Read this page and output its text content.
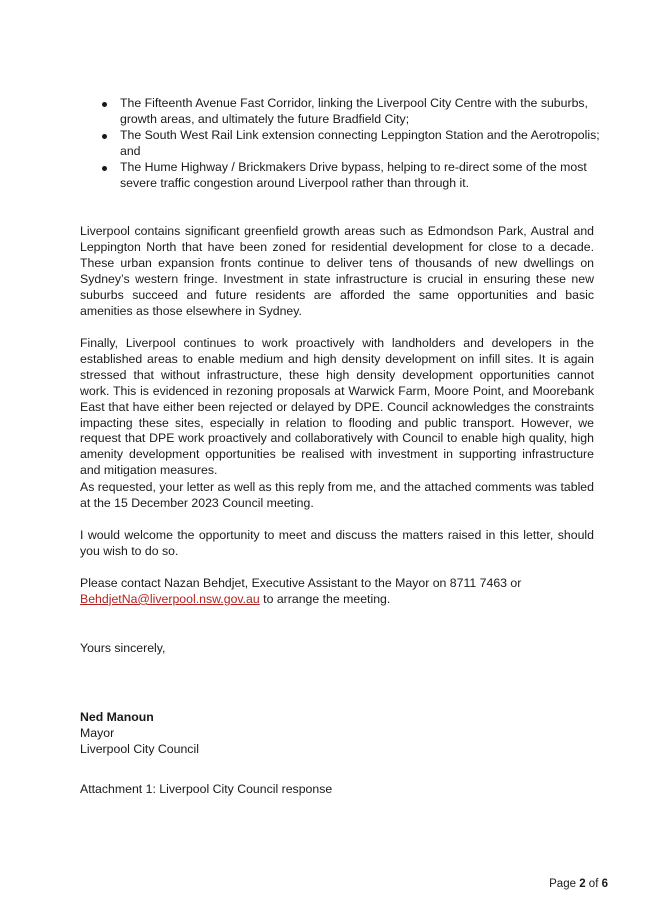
The Fifteenth Avenue Fast Corridor, linking the Liverpool City Centre with the suburbs, growth areas, and ultimately the future Bradfield City;
The South West Rail Link extension connecting Leppington Station and the Aerotropolis; and
The Hume Highway / Brickmakers Drive bypass, helping to re-direct some of the most severe traffic congestion around Liverpool rather than through it.

Liverpool contains significant greenfield growth areas such as Edmondson Park, Austral and Leppington North that have been zoned for residential development for close to a decade. These urban expansion fronts continue to deliver tens of thousands of new dwellings on Sydney’s western fringe. Investment in state infrastructure is crucial in ensuring these new suburbs succeed and future residents are afforded the same opportunities and basic amenities as those elsewhere in Sydney.

Finally, Liverpool continues to work proactively with landholders and developers in the established areas to enable medium and high density development on infill sites. It is again stressed that without infrastructure, these high density development opportunities cannot work. This is evidenced in rezoning proposals at Warwick Farm, Moore Point, and Moorebank East that have either been rejected or delayed by DPE. Council acknowledges the constraints impacting these sites, especially in relation to flooding and public transport. However, we request that DPE work proactively and collaboratively with Council to enable high quality, high amenity development opportunities be realised with investment in supporting infrastructure and mitigation measures.

As requested, your letter as well as this reply from me, and the attached comments was tabled at the 15 December 2023 Council meeting.

I would welcome the opportunity to meet and discuss the matters raised in this letter, should you wish to do so.

Please contact Nazan Behdjet, Executive Assistant to the Mayor on 8711 7463 or
BehdjetNa@liverpool.nsw.gov.au to arrange the meeting.

Yours sincerely,

Ned Manoun
Mayor
Liverpool City Council

Attachment 1: Liverpool City Council response

Page 2 of 6
